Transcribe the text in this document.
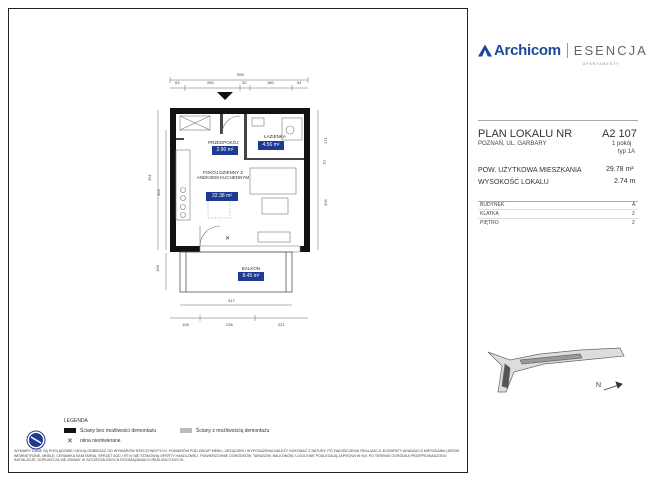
✕
595
63	260	32	180	54
351
456
171
10
335
168
417
108	236	221
PRZEDPOKÓJ
2.90 m²
ŁAZIENKA
4.56 m²
POKÓJ DZIENNY Z ANEKSEM KUCHENNYM
22.38 m²
BALKON
8.45 m²
Archicom	ESENCJA
APARTAMENTY
PLAN LOKALU NR	A2 107
POZNAŃ, UL. GARBARY	1 pokój
typ 1A
POW. UŻYTKOWA MIESZKANIA	29.78 m²
WYSOKOŚĆ LOKALU	2.74 m
BUDYNEK	A
KLATKA	2
PIĘTRO	2
N
LEGENDA
Ściany bez możliwości demontażu	Ściany z możliwością demontażu
✕ okna nieotwierane
WYMIARY DANE SĄ POGLĄDOWE I MOGĄ ODBIEGAĆ OD WYMIARÓW RZECZYWISTYCH. POMIARÓW POD ZAKUP MEBLI, URZĄDZEŃ I WYPOSAŻENIA NALEŻY DOKONAĆ Z NATURY, PO ZAKOŃCZENIU REALIZACJI. ELEMENTY ARANŻACJI MIESZKANIA (DRZWI WEWNĘTRZNE, MEBLE, CERAMIKA SANITARNA, SPRZĘT AGD I RTV) NIE STANOWIĄ OFERTY HANDLOWEJ. POWIERZCHNIE OGRÓDKÓW, TARASÓW, BALKONÓW, LOGGII NIE PODLEGAJĄ ZAPISOWI W KW. PO TERENIE OGRÓDKA PRZEPROWADZONO INSTALACJE, DOPUSZCZA SIĘ ZMIANY W SZCZEGÓŁOWYCH ROZWIĄZANIACH REALIZACYJNYCH.
